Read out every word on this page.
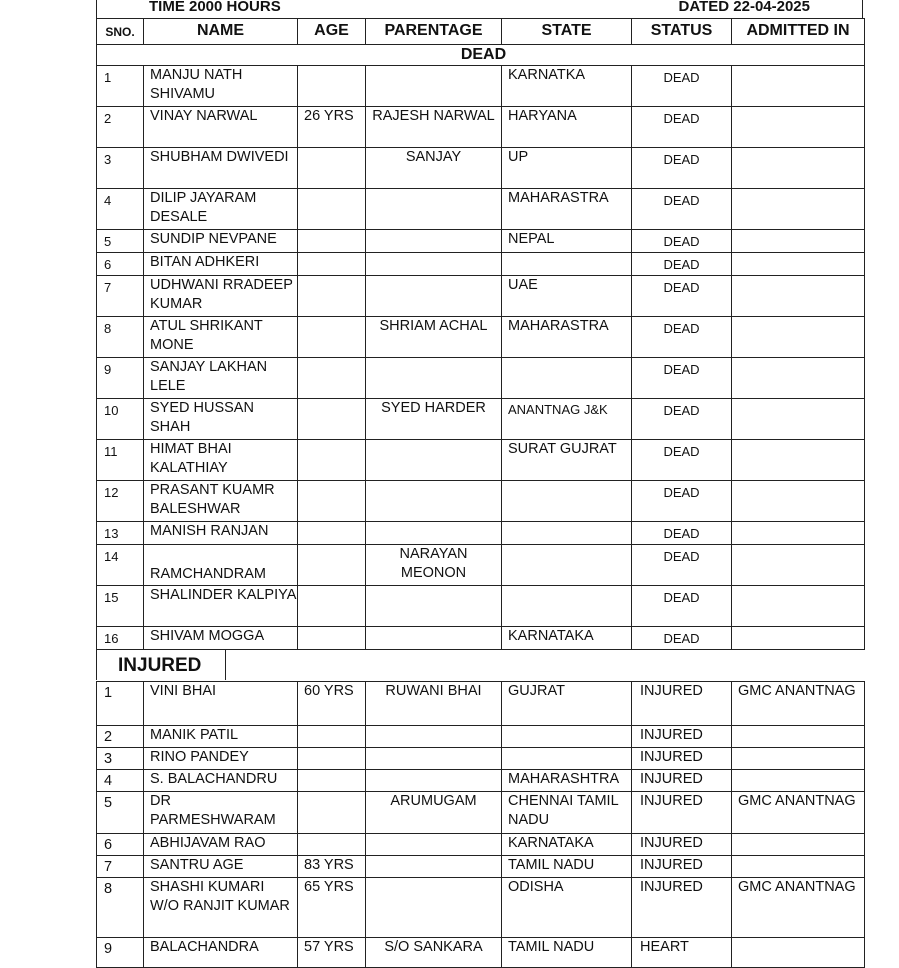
TIME 2000 HOURS	DATED 22-04-2025
SNO.	NAME	AGE	PARENTAGE	STATE	STATUS	ADMITTED IN
DEAD						
1	MANJU NATH SHIVAMU			KARNATKA	DEAD	
2	VINAY NARWAL	26 YRS	RAJESH NARWAL	HARYANA	DEAD	
3	SHUBHAM DWIVEDI		SANJAY	UP	DEAD	
4	DILIP JAYARAM DESALE			MAHARASTRA	DEAD	
5	SUNDIP NEVPANE			NEPAL	DEAD	
6	BITAN ADHKERI				DEAD	
7	UDHWANI RRADEEP KUMAR			UAE	DEAD	
8	ATUL SHRIKANT MONE		SHRIAM ACHAL	MAHARASTRA	DEAD	
9	SANJAY LAKHAN LELE				DEAD	
10	SYED HUSSAN SHAH		SYED HARDER	ANANTNAG J&K	DEAD	
11	HIMAT BHAI KALATHIAY			SURAT GUJRAT	DEAD	
12	PRASANT KUAMR BALESHWAR				DEAD	
13	MANISH RANJAN				DEAD	
14	RAMCHANDRAM		NARAYAN MEONON		DEAD	
15	SHALINDER KALPIYA				DEAD	
16	SHIVAM MOGGA			KARNATAKA	DEAD	
INJURED
1	VINI BHAI	60 YRS	RUWANI BHAI	GUJRAT	INJURED	GMC ANANTNAG
2	MANIK PATIL				INJURED	
3	RINO PANDEY				INJURED	
4	S. BALACHANDRU			MAHARASHTRA	INJURED	
5	DR PARMESHWARAM		ARUMUGAM	CHENNAI TAMIL NADU	INJURED	GMC ANANTNAG
6	ABHIJAVAM RAO			KARNATAKA	INJURED	
7	SANTRU AGE	83 YRS		TAMIL NADU	INJURED	
8	SHASHI KUMARI W/O RANJIT KUMAR	65 YRS		ODISHA	INJURED	GMC ANANTNAG
9	BALACHANDRA	57 YRS	S/O SANKARA	TAMIL NADU	HEART	
